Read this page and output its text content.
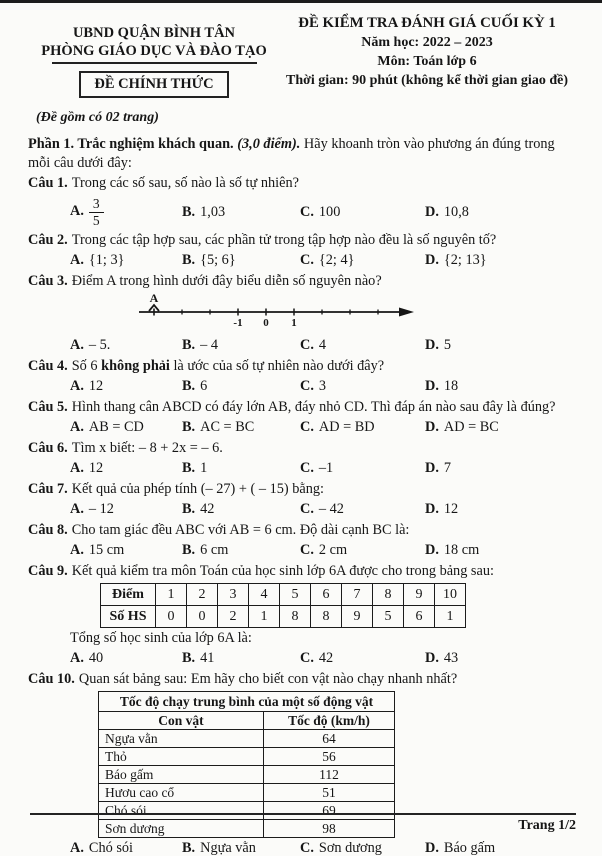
UBND QUẬN BÌNH TÂN
PHÒNG GIÁO DỤC VÀ ĐÀO TẠO
ĐỀ CHÍNH THỨC
(Đề gồm có 02 trang)
ĐỀ KIỂM TRA ĐÁNH GIÁ CUỐI KỲ 1
Năm học: 2022 – 2023
Môn: Toán lớp 6
Thời gian: 90 phút (không kể thời gian giao đề)
Phần 1. Trắc nghiệm khách quan. (3,0 điểm). Hãy khoanh tròn vào phương án đúng trong mỗi câu dưới đây:

Câu 1. Trong các số sau, số nào là số tự nhiên?

A. $\frac{3}{5}$	B. 1,03	C. 100	D. 10,8

Câu 2. Trong các tập hợp sau, các phần tử trong tập hợp nào đều là số nguyên tố?

A. {1; 3}	B. {5; 6}	C. {2; 4}	D. {2; 13}

Câu 3. Điểm A trong hình dưới đây biểu diễn số nguyên nào?

A
-1 0 1
A. – 5.	B. – 4	C. 4	D. 5

Câu 4. Số 6 không phải là ước của số tự nhiên nào dưới đây?

A. 12	B. 6	C. 3	D. 18

Câu 5. Hình thang cân ABCD có đáy lớn AB, đáy nhỏ CD. Thì đáp án nào sau đây là đúng?

A. AB = CD	B. AC = BC	C. AD = BD	D. AD = BC

Câu 6. Tìm x biết: – 8 + 2x = – 6.

A. 12	B. 1	C. –1	D. 7

Câu 7. Kết quả của phép tính (– 27) + ( – 15) bằng:

A. – 12	B. 42	C. – 42	D. 12

Câu 8. Cho tam giác đều ABC với AB = 6 cm. Độ dài cạnh BC là:

A. 15 cm	B. 6 cm	C. 2 cm	D. 18 cm

Câu 9. Kết quả kiểm tra môn Toán của học sinh lớp 6A được cho trong bảng sau:

Điểm	1	2	3	4	5	6	7	8	9	10
Số HS	0	0	2	1	8	8	9	5	6	1
Tổng số học sinh của lớp 6A là:
A. 40	B. 41	C. 42	D. 43

Câu 10. Quan sát bảng sau: Em hãy cho biết con vật nào chạy nhanh nhất?

Tốc độ chạy trung bình của một số động vật	
Con vật	Tốc độ (km/h)
Ngựa vằn	64
Thỏ	56
Báo gấm	112
Hươu cao cổ	51
Chó sói	69
Sơn dương	98
A. Chó sói	B. Ngựa vằn	C. Sơn dương	D. Báo gấm
Trang 1/2
